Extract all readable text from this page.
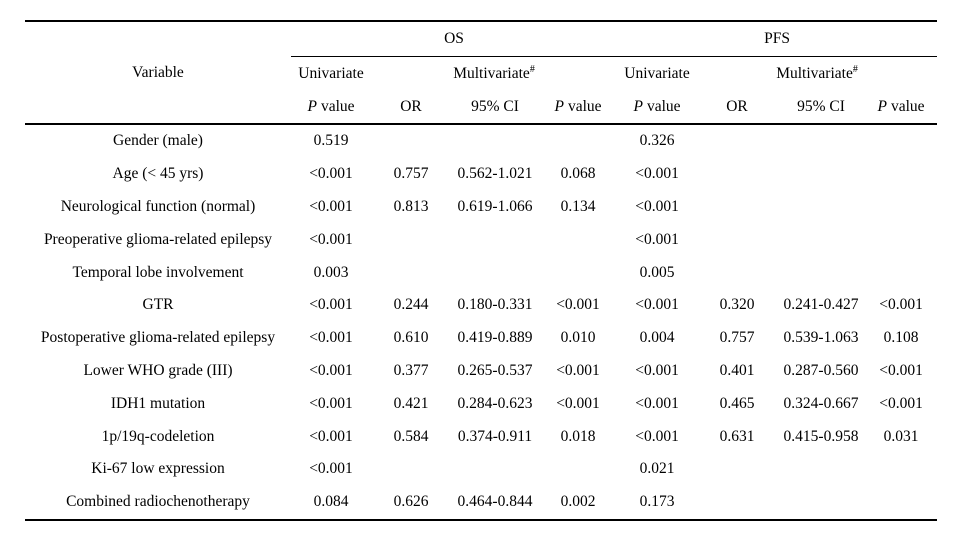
Variable	OS				PFS			
	Univariate	Multivariate#			Univariate	Multivariate#
	P value	OR	95% CI	P value	P value	OR	95% CI	P value
Gender (male)	0.519				0.326			
Age (< 45 yrs)	<0.001	0.757	0.562-1.021	0.068	<0.001			
Neurological function (normal)	<0.001	0.813	0.619-1.066	0.134	<0.001			
Preoperative glioma-related epilepsy	<0.001				<0.001			
Temporal lobe involvement	0.003				0.005			
GTR	<0.001	0.244	0.180-0.331	<0.001	<0.001	0.320	0.241-0.427	<0.001
Postoperative glioma-related epilepsy	<0.001	0.610	0.419-0.889	0.010	0.004	0.757	0.539-1.063	0.108
Lower WHO grade (III)	<0.001	0.377	0.265-0.537	<0.001	<0.001	0.401	0.287-0.560	<0.001
IDH1 mutation	<0.001	0.421	0.284-0.623	<0.001	<0.001	0.465	0.324-0.667	<0.001
1p/19q-codeletion	<0.001	0.584	0.374-0.911	0.018	<0.001	0.631	0.415-0.958	0.031
Ki-67 low expression	<0.001				0.021			
Combined radiochenotherapy	0.084	0.626	0.464-0.844	0.002	0.173			
